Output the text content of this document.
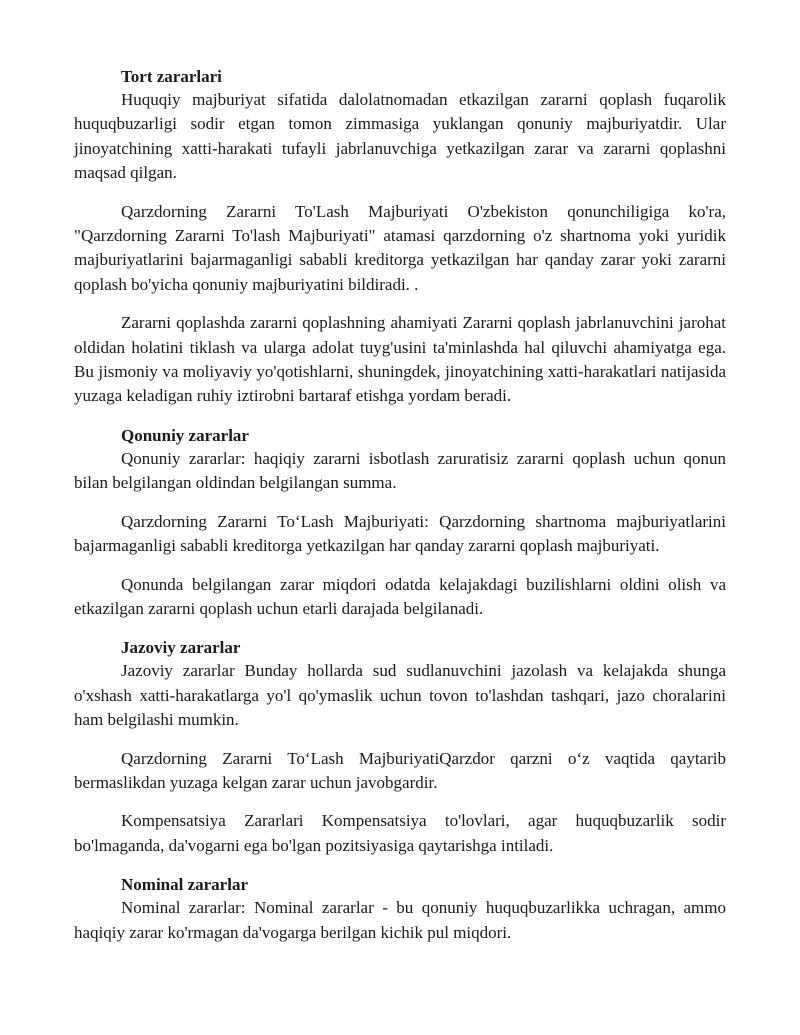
Tort zararlari

Huquqiy majburiyat sifatida dalolatnomadan etkazilgan zararni qoplash fuqarolik huquqbuzarligi sodir etgan tomon zimmasiga yuklangan qonuniy majburiyatdir. Ular jinoyatchining xatti-harakati tufayli jabrlanuvchiga yetkazilgan zarar va zararni qoplashni maqsad qilgan.

Qarzdorning Zararni To'Lash Majburiyati O'zbekiston qonunchiligiga ko'ra, "Qarzdorning Zararni To'lash Majburiyati" atamasi qarzdorning o'z shartnoma yoki yuridik majburiyatlarini bajarmaganligi sababli kreditorga yetkazilgan har qanday zarar yoki zararni qoplash bo'yicha qonuniy majburiyatini bildiradi. .

Zararni qoplashda zararni qoplashning ahamiyati Zararni qoplash jabrlanuvchini jarohat oldidan holatini tiklash va ularga adolat tuyg'usini ta'minlashda hal qiluvchi ahamiyatga ega. Bu jismoniy va moliyaviy yo'qotishlarni, shuningdek, jinoyatchining xatti-harakatlari natijasida yuzaga keladigan ruhiy iztirobni bartaraf etishga yordam beradi.

Qonuniy zararlar

Qonuniy zararlar: haqiqiy zararni isbotlash zaruratisiz zararni qoplash uchun qonun bilan belgilangan oldindan belgilangan summa.

Qarzdorning Zararni To‘Lash Majburiyati: Qarzdorning shartnoma majburiyatlarini bajarmaganligi sababli kreditorga yetkazilgan har qanday zararni qoplash majburiyati.

Qonunda belgilangan zarar miqdori odatda kelajakdagi buzilishlarni oldini olish va etkazilgan zararni qoplash uchun etarli darajada belgilanadi.

Jazoviy zararlar

Jazoviy zararlar Bunday hollarda sud sudlanuvchini jazolash va kelajakda shunga o'xshash xatti-harakatlarga yo'l qo'ymaslik uchun tovon to'lashdan tashqari, jazo choralarini ham belgilashi mumkin.

Qarzdorning Zararni To‘Lash MajburiyatiQarzdor qarzni o‘z vaqtida qaytarib bermaslikdan yuzaga kelgan zarar uchun javobgardir.

Kompensatsiya Zararlari Kompensatsiya to'lovlari, agar huquqbuzarlik sodir bo'lmaganda, da'vogarni ega bo'lgan pozitsiyasiga qaytarishga intiladi.

Nominal zararlar

Nominal zararlar: Nominal zararlar - bu qonuniy huquqbuzarlikka uchragan, ammo haqiqiy zarar ko'rmagan da'vogarga berilgan kichik pul miqdori.
